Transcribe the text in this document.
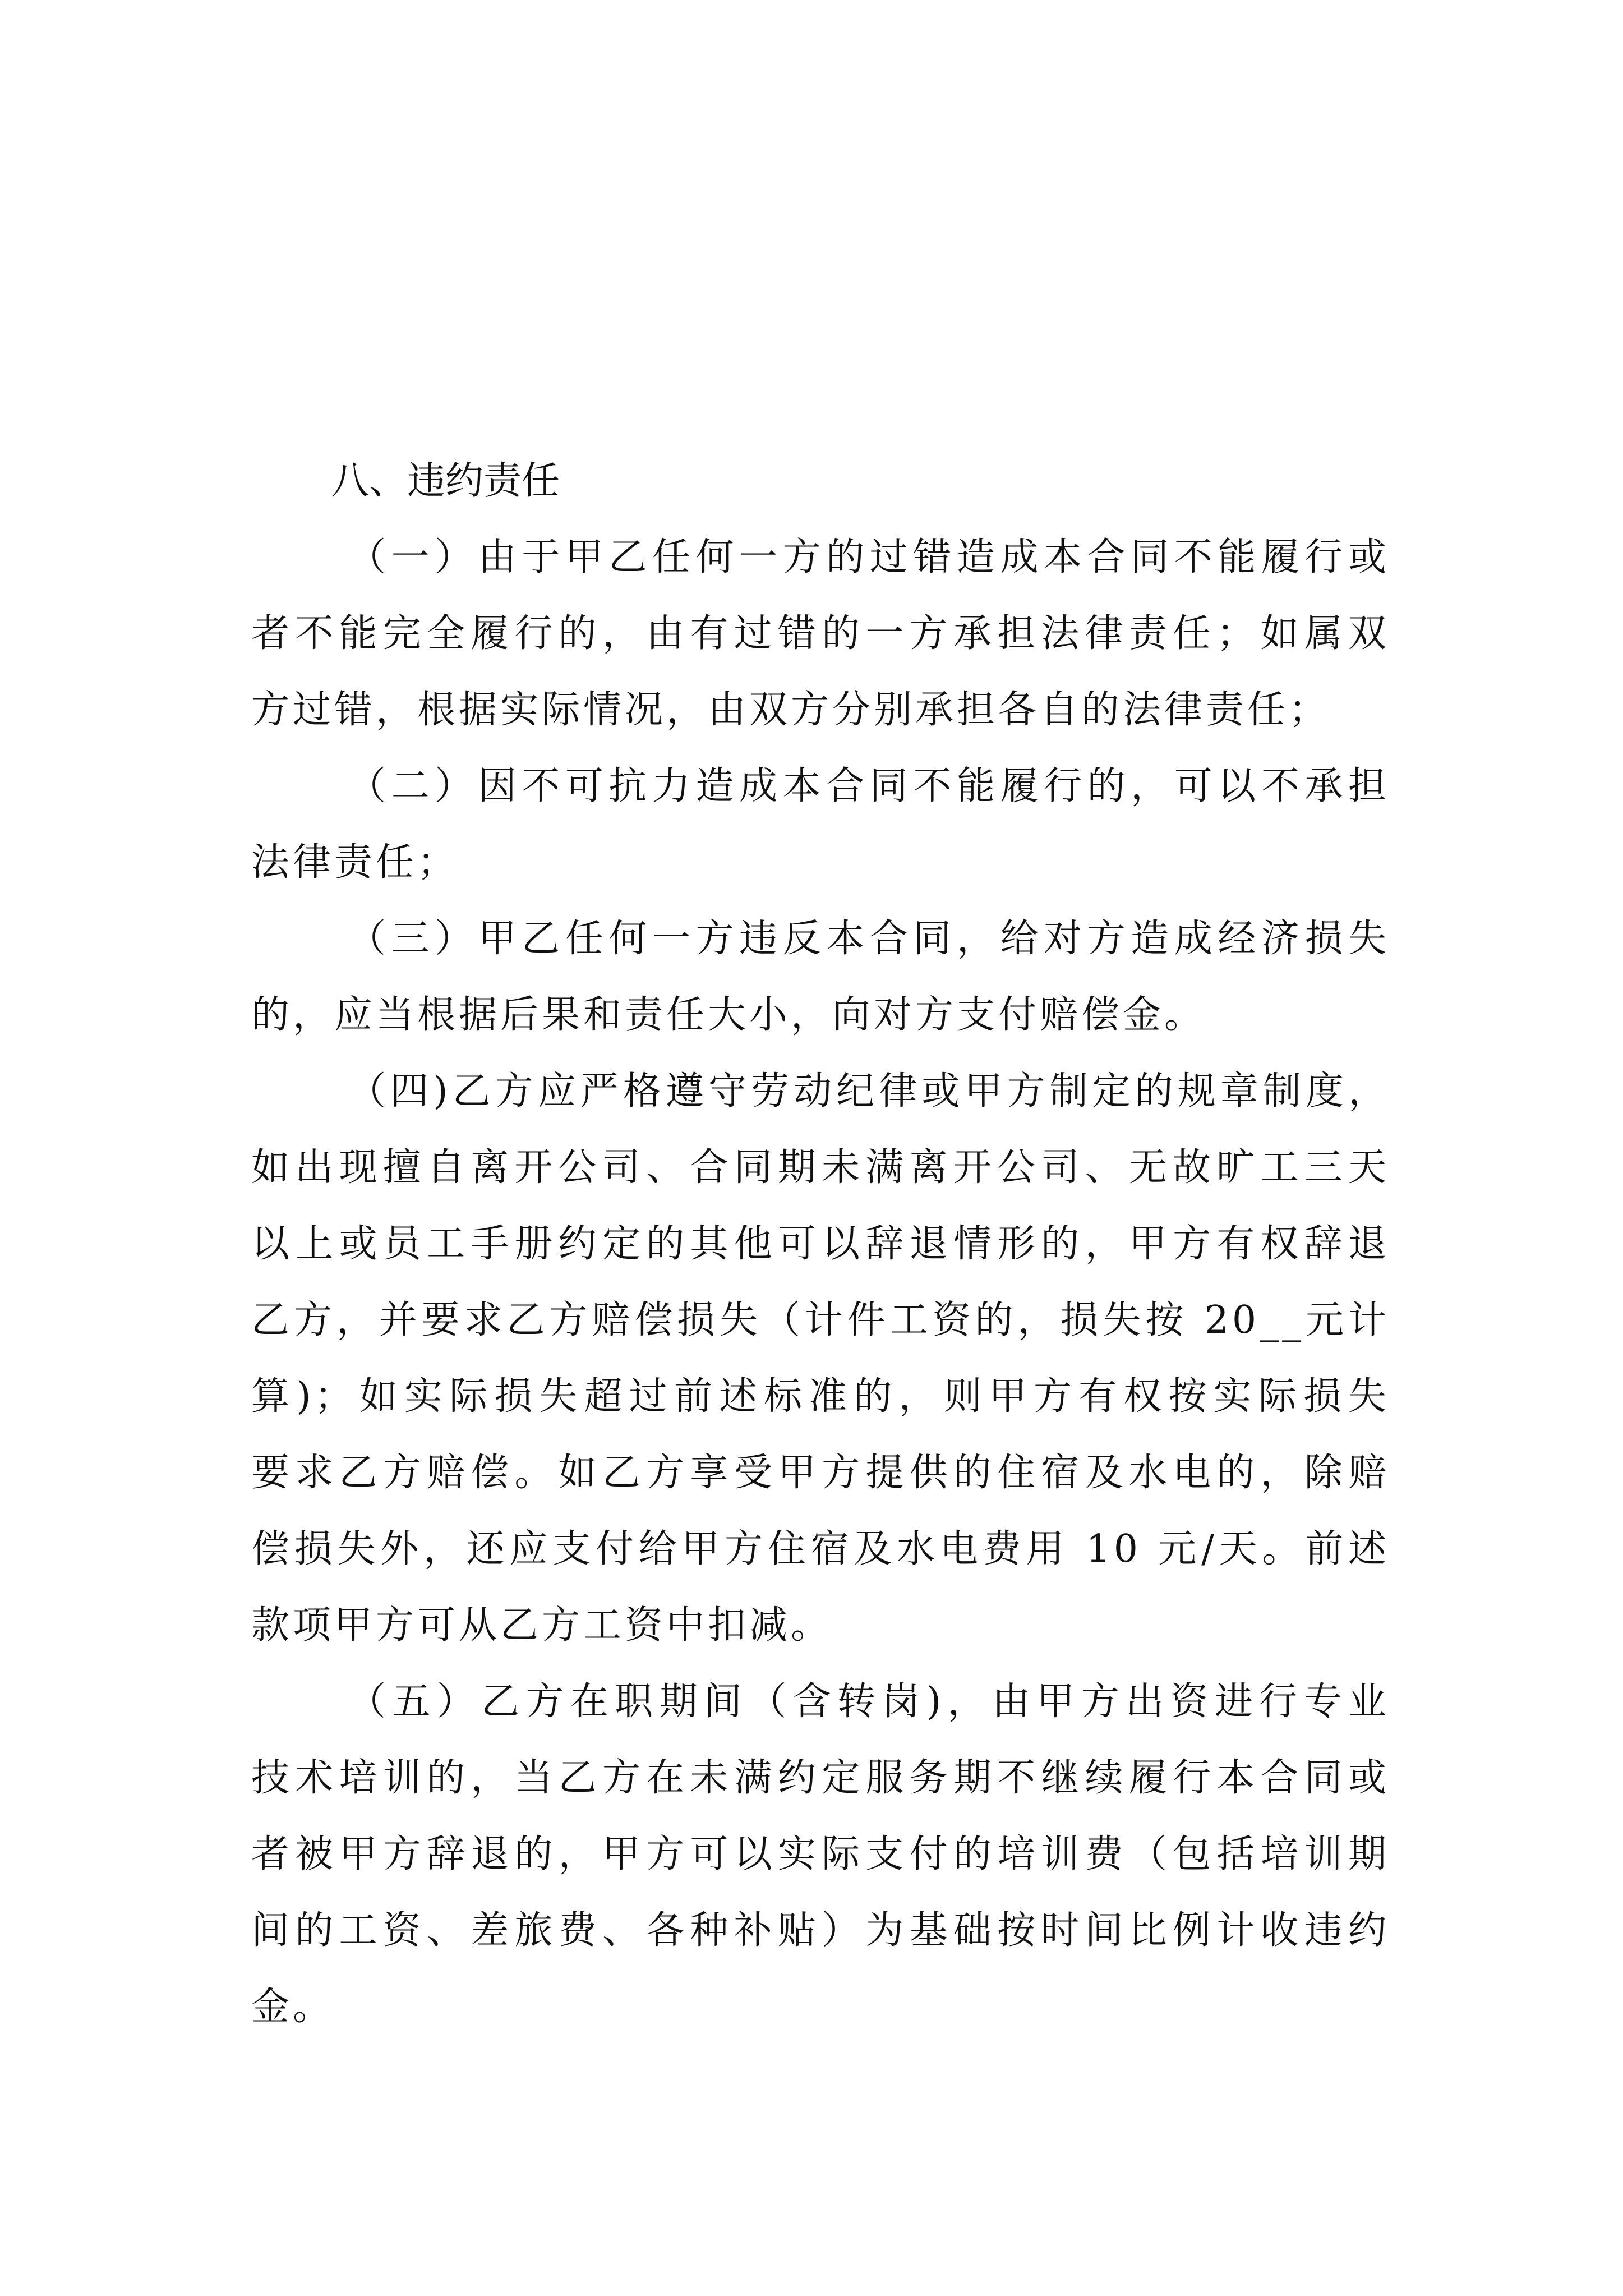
八、违约责任

（一）由于甲乙任何一方的过错造成本合同不能履行或

者不能完全履行的，由有过错的一方承担法律责任；如属双

方过错，根据实际情况，由双方分别承担各自的法律责任；

（二）因不可抗力造成本合同不能履行的，可以不承担

法律责任；

（三）甲乙任何一方违反本合同，给对方造成经济损失

的，应当根据后果和责任大小，向对方支付赔偿金。

（四)乙方应严格遵守劳动纪律或甲方制定的规章制度，

如出现擅自离开公司、合同期未满离开公司、无故旷工三天

以上或员工手册约定的其他可以辞退情形的，甲方有权辞退

乙方，并要求乙方赔偿损失（计件工资的，损失按 20__元计

算)；如实际损失超过前述标准的，则甲方有权按实际损失

要求乙方赔偿。如乙方享受甲方提供的住宿及水电的，除赔

偿损失外，还应支付给甲方住宿及水电费用 10 元/天。前述

款项甲方可从乙方工资中扣减。

（五）乙方在职期间（含转岗)，由甲方出资进行专业

技术培训的，当乙方在未满约定服务期不继续履行本合同或

者被甲方辞退的，甲方可以实际支付的培训费（包括培训期

间的工资、差旅费、各种补贴）为基础按时间比例计收违约

金。
